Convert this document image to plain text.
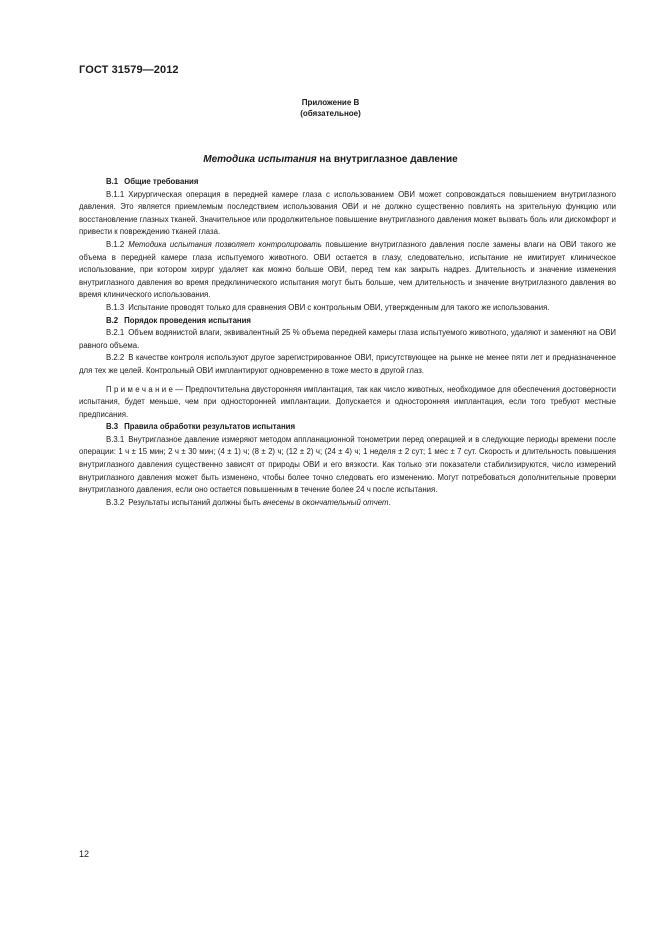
ГОСТ 31579—2012
Приложение В
(обязательное)
Методика испытания на внутриглазное давление

В.1 Общие требования

В.1.1 Хирургическая операция в передней камере глаза с использованием ОВИ может сопровождаться повышением внутриглазного давления. Это является приемлемым последствием использования ОВИ и не должно существенно повлиять на зрительную функцию или восстановление глазных тканей. Значительное или продолжительное повышение внутриглазного давления может вызвать боль или дискомфорт и привести к повреждению тканей глаза.

В.1.2 Методика испытания позволяет контролировать повышение внутриглазного давления после замены влаги на ОВИ такого же объема в передней камере глаза испытуемого животного. ОВИ остается в глазу, следовательно, испытание не имитирует клиническое использование, при котором хирург удаляет как можно больше ОВИ, перед тем как закрыть надрез. Длительность и значение изменения внутриглазного давления во время предклинического испытания могут быть больше, чем длительность и значение внутриглазного давления во время клинического использования.

В.1.3 Испытание проводят только для сравнения ОВИ с контрольным ОВИ, утвержденным для такого же использования.

В.2 Порядок проведения испытания

В.2.1 Объем водянистой влаги, эквивалентный 25 % объема передней камеры глаза испытуемого животного, удаляют и заменяют на ОВИ равного объема.

В.2.2 В качестве контроля используют другое зарегистрированное ОВИ, присутствующее на рынке не менее пяти лет и предназначенное для тех же целей. Контрольный ОВИ имплантируют одновременно в тоже место в другой глаз.

П р и м е ч а н и е — Предпочтительна двусторонняя имплантация, так как число животных, необходимое для обеспечения достоверности испытания, будет меньше, чем при односторонней имплантации. Допускается и односторонняя имплантация, если того требуют местные предписания.

В.3 Правила обработки результатов испытания

В.3.1 Внутриглазное давление измеряют методом аппланационной тонометрии перед операцией и в следующие периоды времени после операции: 1 ч ± 15 мин; 2 ч ± 30 мин; (4 ± 1) ч; (8 ± 2) ч; (12 ± 2) ч; (24 ± 4) ч; 1 неделя ± 2 сут; 1 мес ± 7 сут. Скорость и длительность повышения внутриглазного давления существенно зависят от природы ОВИ и его вязкости. Как только эти показатели стабилизируются, число измерений внутриглазного давления может быть изменено, чтобы более точно следовать его изменению. Могут потребоваться дополнительные проверки внутриглазного давления, если оно остается повышенным в течение более 24 ч после испытания.

В.3.2 Результаты испытаний должны быть внесены в окончательный отчет.

12
